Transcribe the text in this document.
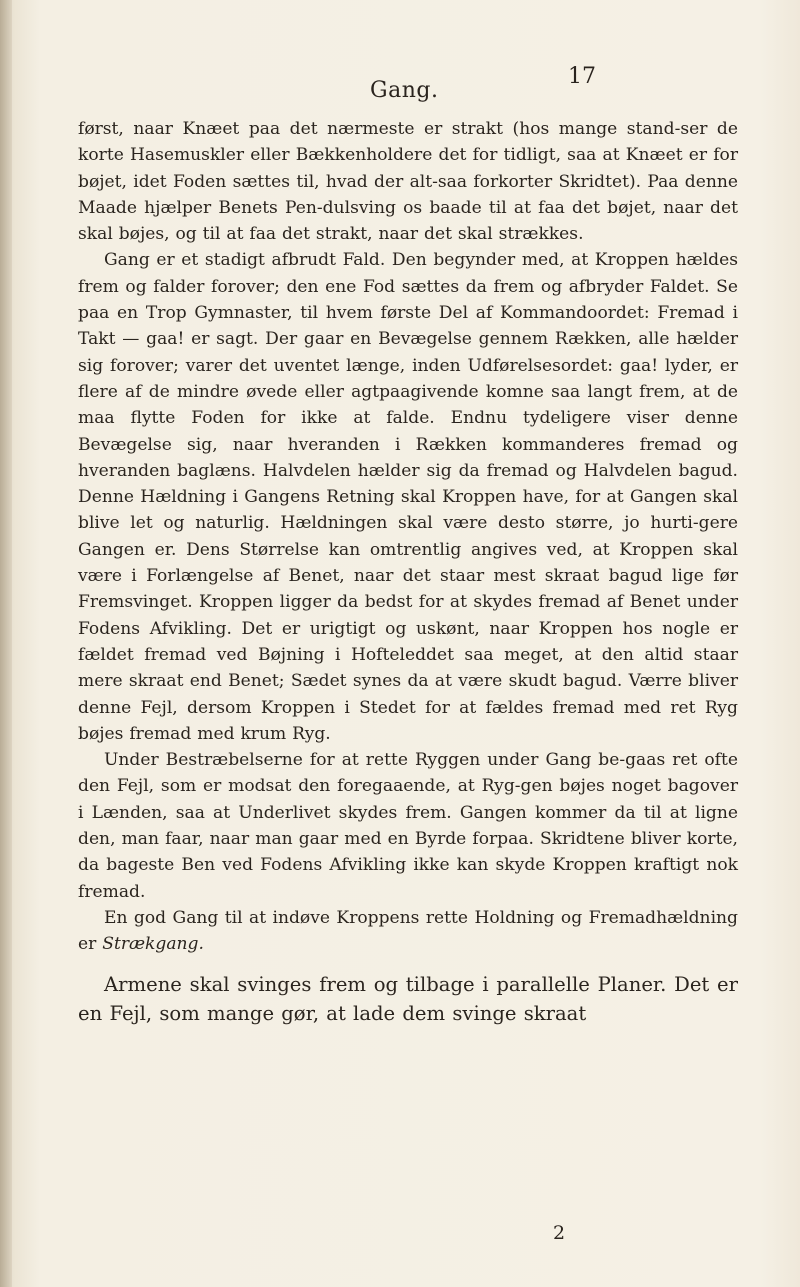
Gang.
17

først, naar Knæet paa det nærmeste er strakt (hos mange stand-ser de korte Hasemuskler eller Bækkenholdere det for tidligt, saa at Knæet er for bøjet, idet Foden sættes til, hvad der alt-saa forkorter Skridtet). Paa denne Maade hjælper Benets Pen-dulsving os baade til at faa det bøjet, naar det skal bøjes, og til at faa det strakt, naar det skal strækkes.

Gang er et stadigt afbrudt Fald. Den begynder med, at Kroppen hældes frem og falder forover; den ene Fod sættes da frem og afbryder Faldet. Se paa en Trop Gymnaster, til hvem første Del af Kommandoordet: Fremad i Takt — gaa! er sagt. Der gaar en Bevægelse gennem Rækken, alle hælder sig forover; varer det uventet længe, inden Udførelsesordet: gaa! lyder, er flere af de mindre øvede eller agtpaagivende komne saa langt frem, at de maa flytte Foden for ikke at falde. Endnu tydeligere viser denne Bevægelse sig, naar hveranden i Rækken kommanderes fremad og hveranden baglæns. Halvdelen hælder sig da fremad og Halvdelen bagud. Denne Hældning i Gangens Retning skal Kroppen have, for at Gangen skal blive let og naturlig. Hældningen skal være desto større, jo hurti-gere Gangen er. Dens Størrelse kan omtrentlig angives ved, at Kroppen skal være i Forlængelse af Benet, naar det staar mest skraat bagud lige før Fremsvinget. Kroppen ligger da bedst for at skydes fremad af Benet under Fodens Afvikling. Det er urigtigt og uskønt, naar Kroppen hos nogle er fældet fremad ved Bøjning i Hofteleddet saa meget, at den altid staar mere skraat end Benet; Sædet synes da at være skudt bagud. Værre bliver denne Fejl, dersom Kroppen i Stedet for at fældes fremad med ret Ryg bøjes fremad med krum Ryg.

Under Bestræbelserne for at rette Ryggen under Gang be-gaas ret ofte den Fejl, som er modsat den foregaaende, at Ryg-gen bøjes noget bagover i Lænden, saa at Underlivet skydes frem. Gangen kommer da til at ligne den, man faar, naar man gaar med en Byrde forpaa. Skridtene bliver korte, da bageste Ben ved Fodens Afvikling ikke kan skyde Kroppen kraftigt nok fremad.

En god Gang til at indøve Kroppens rette Holdning og Fremadhældning er Strækgang.

Armene skal svinges frem og tilbage i parallelle Planer. Det er en Fejl, som mange gør, at lade dem svinge skraat

2
